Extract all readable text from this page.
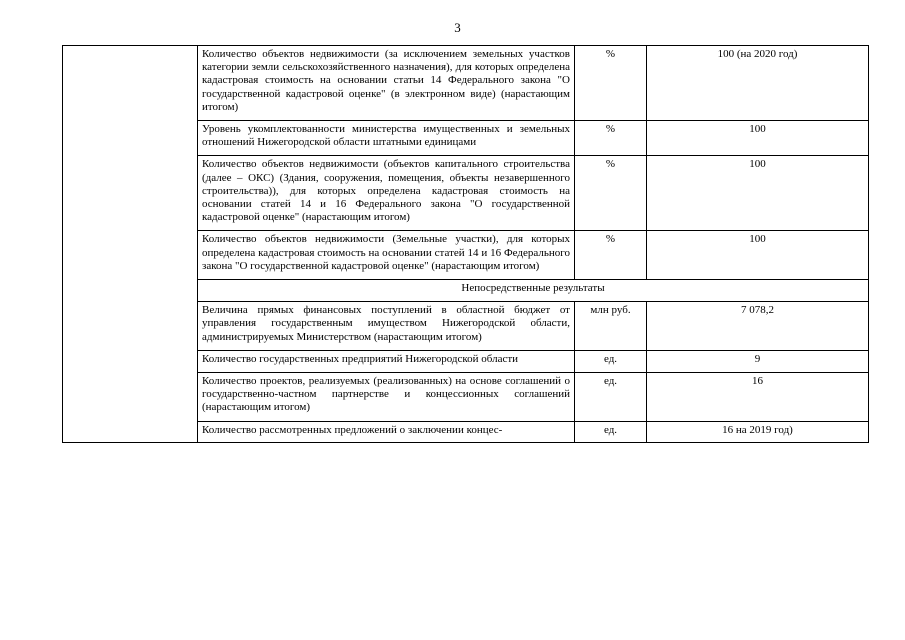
3
	Количество объектов недвижимости (за исключением земельных участков категории земли сельскохозяйственного назначения), для которых определена кадастровая стоимость на основании статьи 14 Федерального закона "О государственной кадастровой оценке" (в электронном виде) (нарастающим итогом)	%	100 (на 2020 год)
	Уровень укомплектованности министерства имущественных и земельных отношений Нижегородской области штатными единицами	%	100
	Количество объектов недвижимости (объектов капитального строительства (далее – ОКС) (Здания, сооружения, помещения, объекты незавершенного строительства)), для которых определена кадастровая стоимость на основании статей 14 и 16 Федерального закона "О государственной кадастровой оценке" (нарастающим итогом)	%	100
	Количество объектов недвижимости (Земельные участки), для которых определена кадастровая стоимость на основании статей 14 и 16 Федерального закона "О государственной кадастровой оценке" (нарастающим итогом)	%	100
	Непосредственные результаты		
	Величина прямых финансовых поступлений в областной бюджет от управления государственным имуществом Нижегородской области, администрируемых Министерством (нарастающим итогом)	млн руб.	7 078,2
	Количество государственных предприятий Нижегородской области	ед.	9
	Количество проектов, реализуемых (реализованных) на основе соглашений о государственно-частном партнерстве и концессионных соглашений (нарастающим итогом)	ед.	16
	Количество рассмотренных предложений о заключении концес-	ед.	16 на 2019 год)
